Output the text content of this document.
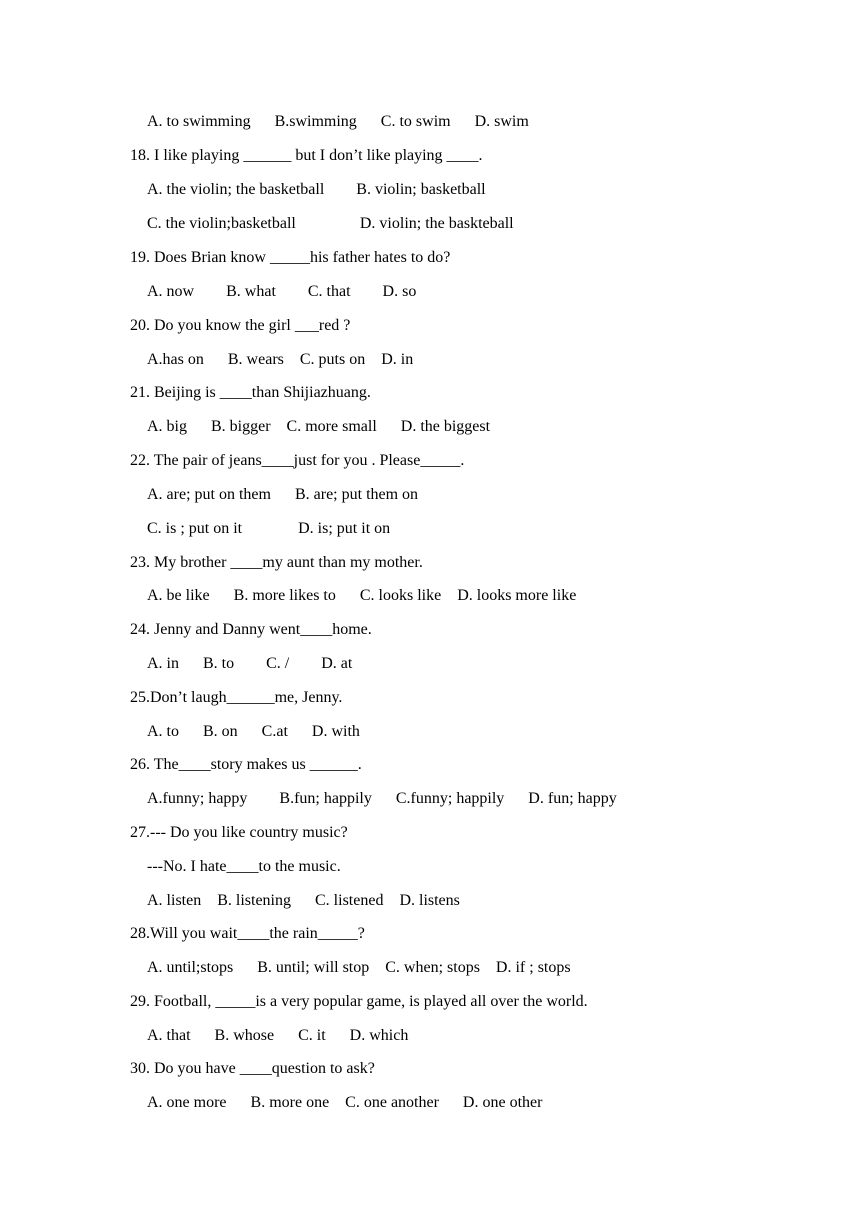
A. to swimming      B.swimming      C. to swim      D. swim
18. I like playing ______ but I don’t like playing ____.
A. the violin; the basketball        B. violin; basketball
C. the violin;basketball                D. violin; the baskteball
19. Does Brian know _____his father hates to do?
A. now        B. what        C. that        D. so
20. Do you know the girl ___red ?
A.has on      B. wears    C. puts on    D. in
21. Beijing is ____than Shijiazhuang.
A. big      B. bigger    C. more small      D. the biggest
22. The pair of jeans____just for you . Please_____.
A. are; put on them      B. are; put them on
C. is ; put on it              D. is; put it on
23. My brother ____my aunt than my mother.
A. be like      B. more likes to      C. looks like    D. looks more like
24. Jenny and Danny went____home.
A. in      B. to        C. /        D. at
25.Don’t laugh______me, Jenny.
A. to      B. on      C.at      D. with
26. The____story makes us ______.
A.funny; happy        B.fun; happily      C.funny; happily      D. fun; happy
27.--- Do you like country music?
---No. I hate____to the music.
A. listen    B. listening      C. listened    D. listens
28.Will you wait____the rain_____?
A. until;stops      B. until; will stop    C. when; stops    D. if ; stops
29. Football, _____is a very popular game, is played all over the world.
A. that      B. whose      C. it      D. which
30. Do you have ____question to ask?
A. one more      B. more one    C. one another      D. one other
